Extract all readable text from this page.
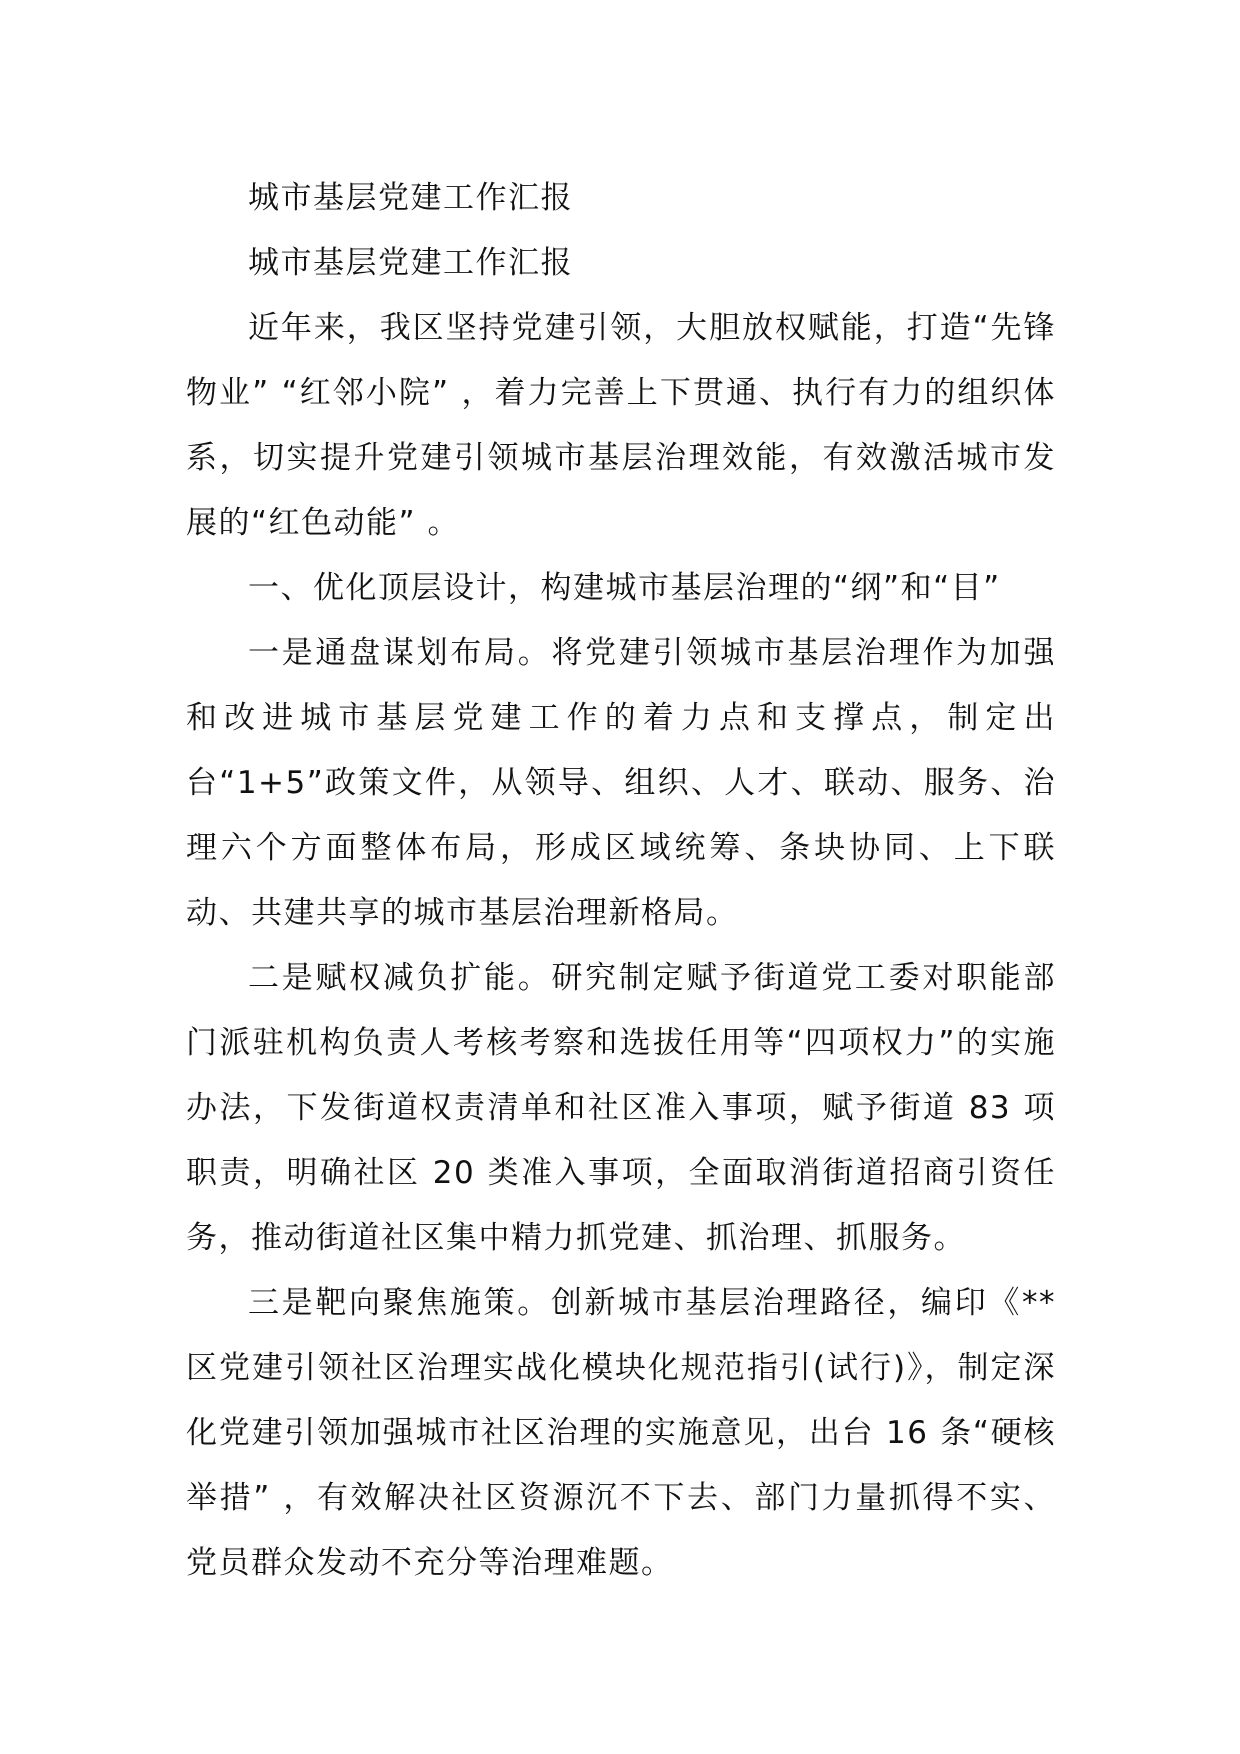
城市基层党建工作汇报

城市基层党建工作汇报

近年来，我区坚持党建引领，大胆放权赋能，打造“先锋物业” “红邻小院” ，着力完善上下贯通、执行有力的组织体系，切实提升党建引领城市基层治理效能，有效激活城市发展的“红色动能” 。

一、优化顶层设计，构建城市基层治理的“纲”和“目”

一是通盘谋划布局。将党建引领城市基层治理作为加强和改进城市基层党建工作的着力点和支撑点，制定出台“1+5”政策文件，从领导、组织、人才、联动、服务、治理六个方面整体布局，形成区域统筹、条块协同、上下联动、共建共享的城市基层治理新格局。

二是赋权减负扩能。研究制定赋予街道党工委对职能部门派驻机构负责人考核考察和选拔任用等“四项权力”的实施办法，下发街道权责清单和社区准入事项，赋予街道 83 项职责，明确社区 20 类准入事项，全面取消街道招商引资任务，推动街道社区集中精力抓党建、抓治理、抓服务。

三是靶向聚焦施策。创新城市基层治理路径，编印《**区党建引领社区治理实战化模块化规范指引(试行)》，制定深化党建引领加强城市社区治理的实施意见，出台 16 条“硬核举措” ，有效解决社区资源沉不下去、部门力量抓得不实、党员群众发动不充分等治理难题。
